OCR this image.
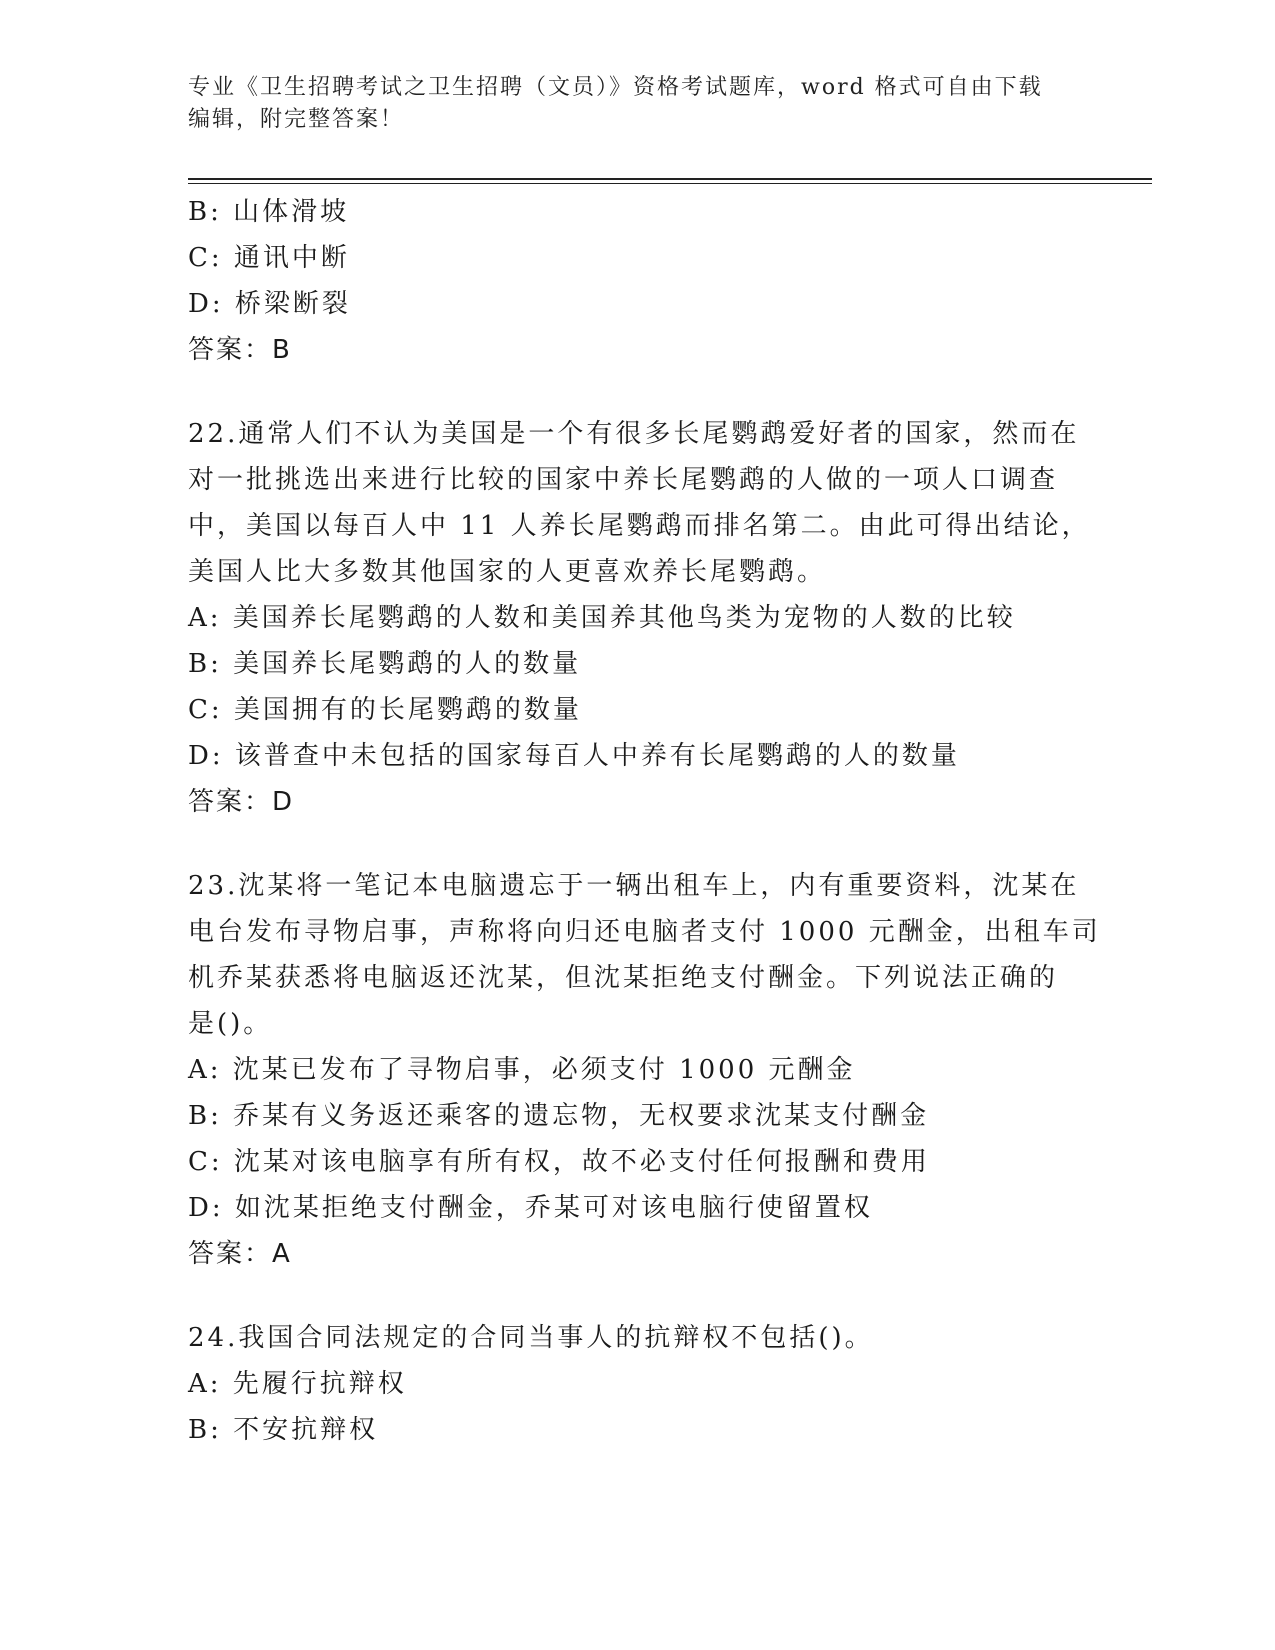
专业《卫生招聘考试之卫生招聘（文员）》资格考试题库，word 格式可自由下载
编辑，附完整答案！
B: 山体滑坡
C: 通讯中断
D: 桥梁断裂
答案：B
22.通常人们不认为美国是一个有很多长尾鹦鹉爱好者的国家，然而在
对一批挑选出来进行比较的国家中养长尾鹦鹉的人做的一项人口调查
中，美国以每百人中 11 人养长尾鹦鹉而排名第二。由此可得出结论，
美国人比大多数其他国家的人更喜欢养长尾鹦鹉。
A: 美国养长尾鹦鹉的人数和美国养其他鸟类为宠物的人数的比较
B: 美国养长尾鹦鹉的人的数量
C: 美国拥有的长尾鹦鹉的数量
D: 该普查中未包括的国家每百人中养有长尾鹦鹉的人的数量
答案：D
23.沈某将一笔记本电脑遗忘于一辆出租车上，内有重要资料，沈某在
电台发布寻物启事，声称将向归还电脑者支付 1000 元酬金，出租车司
机乔某获悉将电脑返还沈某，但沈某拒绝支付酬金。下列说法正确的
是()。
A: 沈某已发布了寻物启事，必须支付 1000 元酬金
B: 乔某有义务返还乘客的遗忘物，无权要求沈某支付酬金
C: 沈某对该电脑享有所有权，故不必支付任何报酬和费用
D: 如沈某拒绝支付酬金，乔某可对该电脑行使留置权
答案：A
24.我国合同法规定的合同当事人的抗辩权不包括()。
A: 先履行抗辩权
B: 不安抗辩权
